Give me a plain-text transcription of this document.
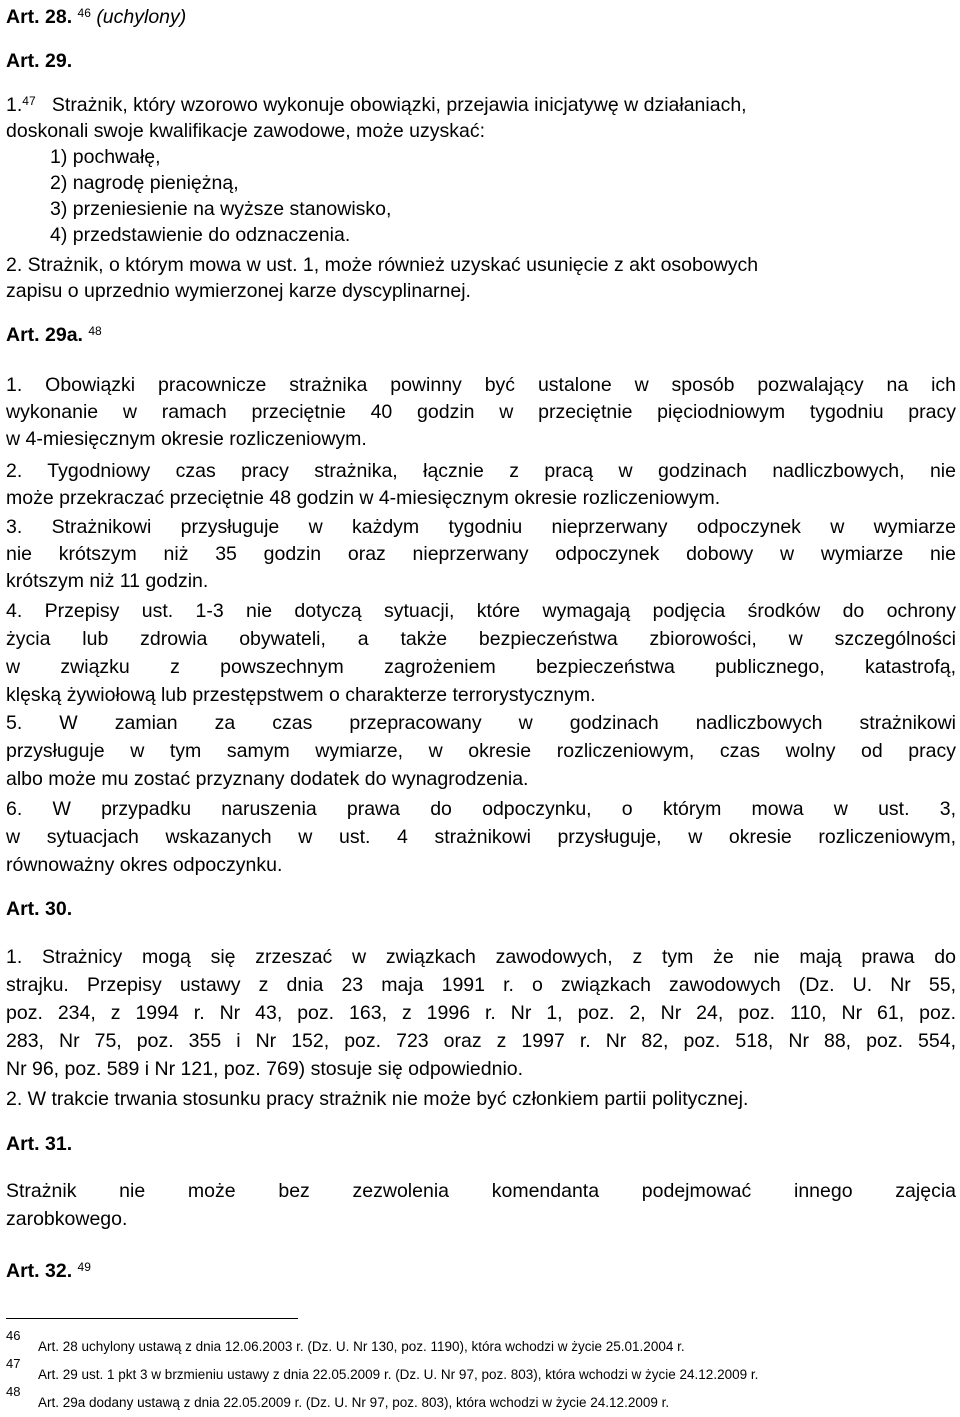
Art. 28. $^{46}$ (uchylony)
Art. 29.
1.47 Strażnik, który wzorowo wykonuje obowiązki, przejawia inicjatywę w działaniach,
doskonali swoje kwalifikacje zawodowe, może uzyskać:
1) pochwałę,
2) nagrodę pieniężną,
3) przeniesienie na wyższe stanowisko,
4) przedstawienie do odznaczenia.
2. Strażnik, o którym mowa w ust. 1, może również uzyskać usunięcie z akt osobowych
zapisu o uprzednio wymierzonej karze dyscyplinarnej.
Art. 29a. $^{48}$
1. Obowiązki pracownicze strażnika powinny być ustalone w sposób pozwalający na ich
wykonanie w ramach przeciętnie 40 godzin w przeciętnie pięciodniowym tygodniu pracy
w 4-miesięcznym okresie rozliczeniowym.
2. Tygodniowy czas pracy strażnika, łącznie z pracą w godzinach nadliczbowych, nie
może przekraczać przeciętnie 48 godzin w 4-miesięcznym okresie rozliczeniowym.
3. Strażnikowi przysługuje w każdym tygodniu nieprzerwany odpoczynek w wymiarze
nie krótszym niż 35 godzin oraz nieprzerwany odpoczynek dobowy w wymiarze nie
krótszym niż 11 godzin.
4. Przepisy ust. 1-3 nie dotyczą sytuacji, które wymagają podjęcia środków do ochrony
życia lub zdrowia obywateli, a także bezpieczeństwa zbiorowości, w szczególności
w związku z powszechnym zagrożeniem bezpieczeństwa publicznego, katastrofą,
klęską żywiołową lub przestępstwem o charakterze terrorystycznym.
5. W zamian za czas przepracowany w godzinach nadliczbowych strażnikowi
przysługuje w tym samym wymiarze, w okresie rozliczeniowym, czas wolny od pracy
albo może mu zostać przyznany dodatek do wynagrodzenia.
6. W przypadku naruszenia prawa do odpoczynku, o którym mowa w ust. 3,
w sytuacjach wskazanych w ust. 4 strażnikowi przysługuje, w okresie rozliczeniowym,
równoważny okres odpoczynku.
Art. 30.
1. Strażnicy mogą się zrzeszać w związkach zawodowych, z tym że nie mają prawa do
strajku. Przepisy ustawy z dnia 23 maja 1991 r. o związkach zawodowych (Dz. U. Nr 55,
poz. 234, z 1994 r. Nr 43, poz. 163, z 1996 r. Nr 1, poz. 2, Nr 24, poz. 110, Nr 61, poz.
283, Nr 75, poz. 355 i Nr 152, poz. 723 oraz z 1997 r. Nr 82, poz. 518, Nr 88, poz. 554,
Nr 96, poz. 589 i Nr 121, poz. 769) stosuje się odpowiednio.
2. W trakcie trwania stosunku pracy strażnik nie może być członkiem partii politycznej.
Art. 31.
Strażnik nie może bez zezwolenia komendanta podejmować innego zajęcia
zarobkowego.
Art. 32. $^{49}$
46
Art. 28 uchylony ustawą z dnia 12.06.2003 r. (Dz. U. Nr 130, poz. 1190), która wchodzi w życie 25.01.2004 r.
47
Art. 29 ust. 1 pkt 3 w brzmieniu ustawy z dnia 22.05.2009 r. (Dz. U. Nr 97, poz. 803), która wchodzi w życie 24.12.2009 r.
48
Art. 29a dodany ustawą z dnia 22.05.2009 r. (Dz. U. Nr 97, poz. 803), która wchodzi w życie 24.12.2009 r.
